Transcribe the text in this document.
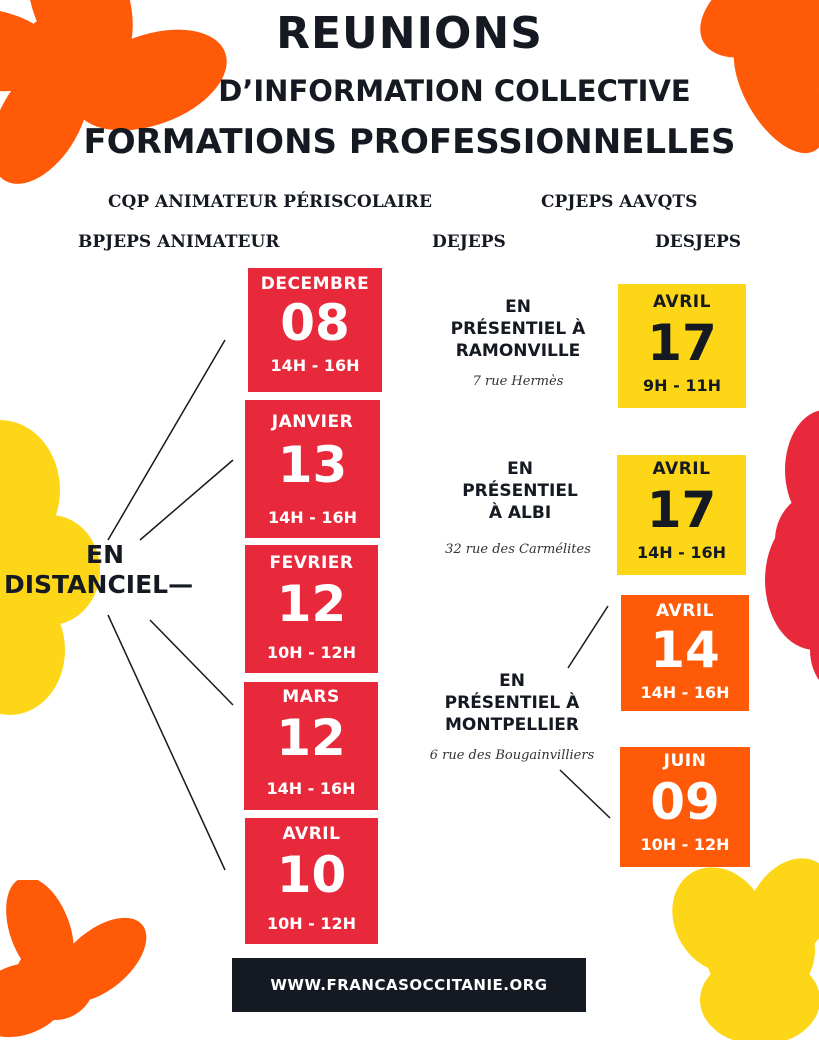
REUNIONS
D’INFORMATION COLLECTIVE
FORMATIONS PROFESSIONNELLES
CQP ANIMATEUR PÉRISCOLAIRE	CPJEPS AAVQTS
BPJEPS ANIMATEUR	DEJEPS	DESJEPS
EN
DISTANCIEL—
DECEMBRE
08
14H - 16H
JANVIER
13
14H - 16H
FEVRIER
12
10H - 12H
MARS
12
14H - 16H
AVRIL
10
10H - 12H
EN
PRÉSENTIEL À
RAMONVILLE
7 rue Hermès
AVRIL
17
9H - 11H
EN
PRÉSENTIEL
À ALBI
32 rue des Carmélites
AVRIL
17
14H - 16H
EN
PRÉSENTIEL À
MONTPELLIER
6 rue des Bougainvilliers
AVRIL
14
14H - 16H
JUIN
09
10H - 12H
WWW.FRANCASOCCITANIE.ORG
